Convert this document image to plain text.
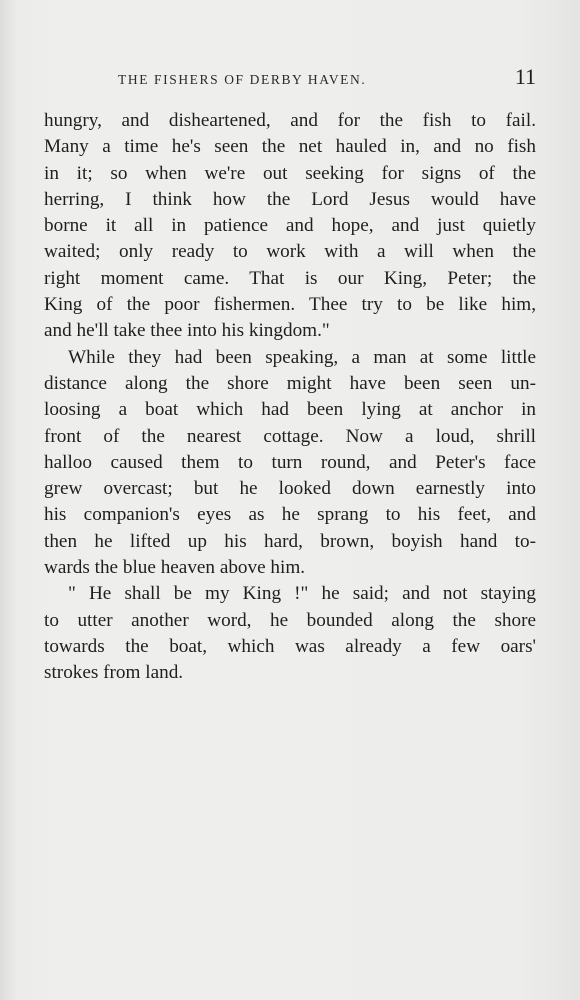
THE FISHERS OF DERBY HAVEN.	11
hungry, and disheartened, and for the fish to fail.
Many a time he's seen the net hauled in, and no fish
in it; so when we're out seeking for signs of the
herring, I think how the Lord Jesus would have
borne it all in patience and hope, and just quietly
waited; only ready to work with a will when the
right moment came. That is our King, Peter; the
King of the poor fishermen. Thee try to be like him,
and he'll take thee into his kingdom."
While they had been speaking, a man at some little
distance along the shore might have been seen un-
loosing a boat which had been lying at anchor in
front of the nearest cottage. Now a loud, shrill
halloo caused them to turn round, and Peter's face
grew overcast; but he looked down earnestly into
his companion's eyes as he sprang to his feet, and
then he lifted up his hard, brown, boyish hand to-
wards the blue heaven above him.
" He shall be my King !" he said; and not staying
to utter another word, he bounded along the shore
towards the boat, which was already a few oars'
strokes from land.
